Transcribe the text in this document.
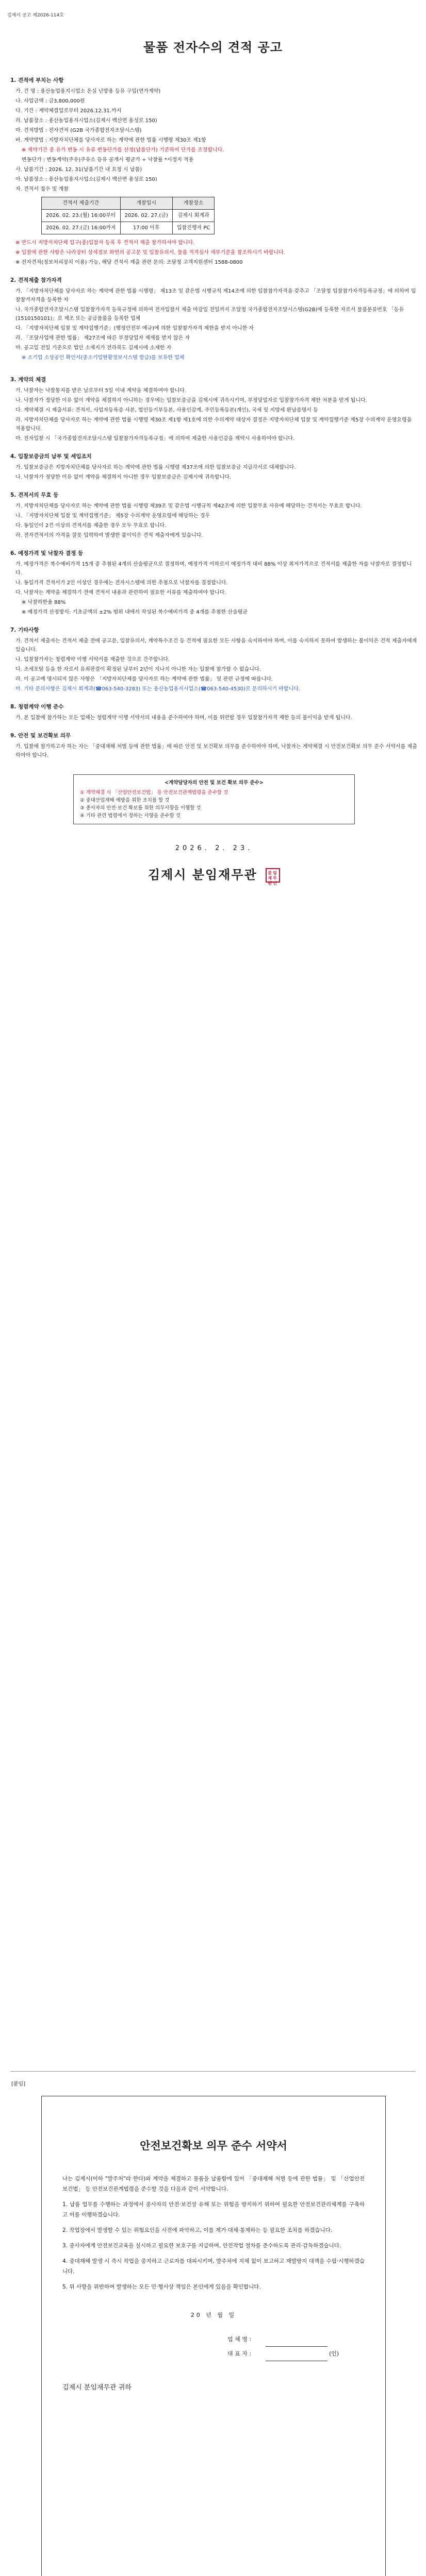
김제시 공고 제2026-114호
물품 전자수의 견적 공고
1. 견적에 부치는 사항
가. 건 명 : 용산농업용지시업소 온실 난방용 등유 구입(연가계약)
나. 사업금액 : 금3,800,000원
다. 기간 : 계약체결일로부터 2026.12.31.까지
라. 납품장소 : 용산농업용지시업소(김제시 백산면 용성로 150)
마. 견적방법 : 전자견적 (G2B 국가종합전자조달시스템)
바. 계약방법 : 지방자치단체를 당사자로 하는 계약에 관한 법률 시행령 제30조 제1항
※ 제약기간 중 유가 변동 시 유류 변동단가를 산정(납품단가) 기준하여 단가를 조정합니다.
변동단가 : 변동계약(주유)주유소 등유 공개시 평균가 ÷ 낙찰률 *시정지 적용
사. 납품기간 : 2026. 12. 31(납품기간 내 요청 시 납품)
아. 납품장소 : 용산농업용지시업소(김제시 백산면 용성로 150)
자. 견적서 접수 및 개찰
견적서 제출기간	개찰일시	개찰장소
2026. 02. 23.(월) 16:00부터	2026. 02. 27.(금)	김제시 회계과
2026. 02. 27.(금) 16:00까지	17:00 이후	입찰진행자 PC
※ 반드시 지방자치단체 입구(종)입찰자 등록 후 견적서 제출 참가하셔야 합니다.
※ 입찰에 관한 사항은 나라장터 상세정보 화면의 공고문 및 입찰유의서, 물품 적격심사 세부기준을 참조하시기 바랍니다.
※ 전자견적(정보처리장치 이용) 가능, 해당 견적서 제출 관련 문의: 조달청 고객지원센터 1588-0800
2. 견적제출 참가자격
가. 「지방자치단체를 당사자로 하는 계약에 관한 법률 시행령」 제13조 및 같은법 시행규칙 제14조에 의한 입찰참가자격을 갖추고 「조달청 입찰참가자격등록규정」에 의하여 입찰참가자격을 등록한 자
나. 국가종합전자조달시스템 입찰참가자격 등록규정에 의하여 전자입찰서 제출 마감일 전일까지 조달청 국가종합전자조달시스템(G2B)에 등록한 자로서 물품분류번호 「등유(1510150101)」로 제조 또는 공급물품을 등록한 업체
다. 「지방자치단체 입찰 및 계약집행기준」(행정안전부 예규)에 의한 입찰참가자격 제한을 받지 아니한 자
라. 「조달사업에 관한 법률」 제27조에 따른 부정당업자 제재를 받지 않은 자
마. 공고일 전일 기준으로 법인 소재지가 전라북도 김제시에 소재한 자
※ 소기업 소상공인 확인서(중소기업현황정보시스템 발급)를 보유한 업체
3. 계약의 체결
가. 낙찰자는 낙찰통지를 받은 날로부터 5일 이내 계약을 체결하여야 합니다.
나. 낙찰자가 정당한 이유 없이 계약을 체결하지 아니하는 경우에는 입찰보증금을 김제시에 귀속시키며, 부정당업자로 입찰참가자격 제한 처분을 받게 됩니다.
다. 계약체결 시 제출서류: 견적서, 사업자등록증 사본, 법인등기부등본, 사용인감계, 주민등록등본(개인), 국세 및 지방세 완납증명서 등
라. 지방자치단체를 당사자로 하는 계약에 관한 법률 시행령 제30조 제1항 제1호에 의한 수의계약 대상자 결정은 지방자치단체 입찰 및 계약집행기준 제5장 수의계약 운영요령을 적용합니다.
마. 전자입찰 시 「국가종합전자조달시스템 입찰참가자격등록규정」에 의하여 제출한 사용인감을 계약시 사용하여야 합니다.
4. 입찰보증금의 납부 및 세입조치
가. 입찰보증금은 지방자치단체를 당사자로 하는 계약에 관한 법률 시행령 제37조에 의한 입찰보증금 지급각서로 대체합니다.
나. 낙찰자가 정당한 이유 없이 계약을 체결하지 아니한 경우 입찰보증금은 김제시에 귀속합니다.
5. 견적서의 무효 등
가. 지방자치단체를 당사자로 하는 계약에 관한 법률 시행령 제39조 및 같은법 시행규칙 제42조에 의한 입찰무효 사유에 해당하는 견적서는 무효로 합니다.
나. 「지방자치단체 입찰 및 계약집행기준」 제5장 수의계약 운영요령에 해당하는 경우
다. 동일인이 2건 이상의 견적서를 제출한 경우 모두 무효로 합니다.
라. 전자견적서의 가격을 잘못 입력하여 발생한 불이익은 견적 제출자에게 있습니다.
6. 예정가격 및 낙찰자 결정 등
가. 예정가격은 복수예비가격 15개 중 추첨된 4개의 산술평균으로 결정하며, 예정가격 이하로서 예정가격 대비 88% 이상 최저가격으로 견적서를 제출한 자를 낙찰자로 결정합니다.
나. 동일가격 견적서가 2인 이상인 경우에는 전자시스템에 의한 추첨으로 낙찰자를 결정합니다.
다. 낙찰자는 계약을 체결하기 전에 견적서 내용과 관련하여 필요한 서류를 제출하여야 합니다.
※ 낙찰하한율 88%
※ 예정가격 산정방식: 기초금액의 ±2% 범위 내에서 작성된 복수예비가격 중 4개를 추첨한 산술평균
7. 기타사항
가. 견적서 제출자는 견적서 제출 전에 공고문, 입찰유의서, 계약특수조건 등 견적에 필요한 모든 사항을 숙지하여야 하며, 이를 숙지하지 못하여 발생하는 불이익은 견적 제출자에게 있습니다.
나. 입찰참가자는 청렴계약 이행 서약서를 제출한 것으로 간주합니다.
다. 조세포탈 등을 한 자로서 유죄판결이 확정된 날부터 2년이 지나지 아니한 자는 입찰에 참가할 수 없습니다.
라. 이 공고에 명시되지 않은 사항은 「지방자치단체를 당사자로 하는 계약에 관한 법률」 및 관련 규정에 따릅니다.
마. 기타 문의사항은 김제시 회계과(☎063-540-3283) 또는 용산농업용지시업소(☎063-540-4530)로 문의하시기 바랍니다.
8. 청렴계약 이행 준수
가. 본 입찰에 참가하는 모든 업체는 청렴계약 이행 서약서의 내용을 준수하여야 하며, 이를 위반할 경우 입찰참가자격 제한 등의 불이익을 받게 됩니다.
9. 안전 및 보건확보 의무
가. 입찰에 참가하고자 하는 자는 「중대재해 처벌 등에 관한 법률」에 따른 안전 및 보건확보 의무를 준수하여야 하며, 낙찰자는 계약체결 시 안전보건확보 의무 준수 서약서를 제출하여야 합니다.
<계약담당자의 안전 및 보건 확보 의무 준수>
① 계약체결 시 「산업안전보건법」 등 안전보건관계법령을 준수할 것
② 중대산업재해 예방을 위한 조치를 할 것
③ 종사자의 안전·보건 확보를 위한 의무사항을 이행할 것
④ 기타 관련 법령에서 정하는 사항을 준수할 것
2026. 2. 23.
김제시 분임재무관	분임재무관인
[붙임]
안전보건확보 의무 준수 서약서

나는 김제시(이하 "발주처"라 한다)와 계약을 체결하고 물품을 납품함에 있어 「중대재해 처벌 등에 관한 법률」 및 「산업안전보건법」 등 안전보건관계법령을 준수할 것을 다음과 같이 서약합니다.

1. 납품 업무를 수행하는 과정에서 종사자의 안전·보건상 유해 또는 위험을 방지하기 위하여 필요한 안전보건관리체계를 구축하고 이를 이행하겠습니다.

2. 작업장에서 발생할 수 있는 위험요인을 사전에 파악하고, 이를 제거·대체·통제하는 등 필요한 조치를 하겠습니다.

3. 종사자에게 안전보건교육을 실시하고 필요한 보호구를 지급하며, 안전작업 절차를 준수하도록 관리·감독하겠습니다.

4. 중대재해 발생 시 즉시 작업을 중지하고 근로자를 대피시키며, 발주처에 지체 없이 보고하고 재발방지 대책을 수립·시행하겠습니다.

5. 위 사항을 위반하여 발생하는 모든 민·형사상 책임은 본인에게 있음을 확인합니다.

20 년 월 일
업 체 명 :
대 표 자 :	(인)
김제시 분임재무관 귀하
